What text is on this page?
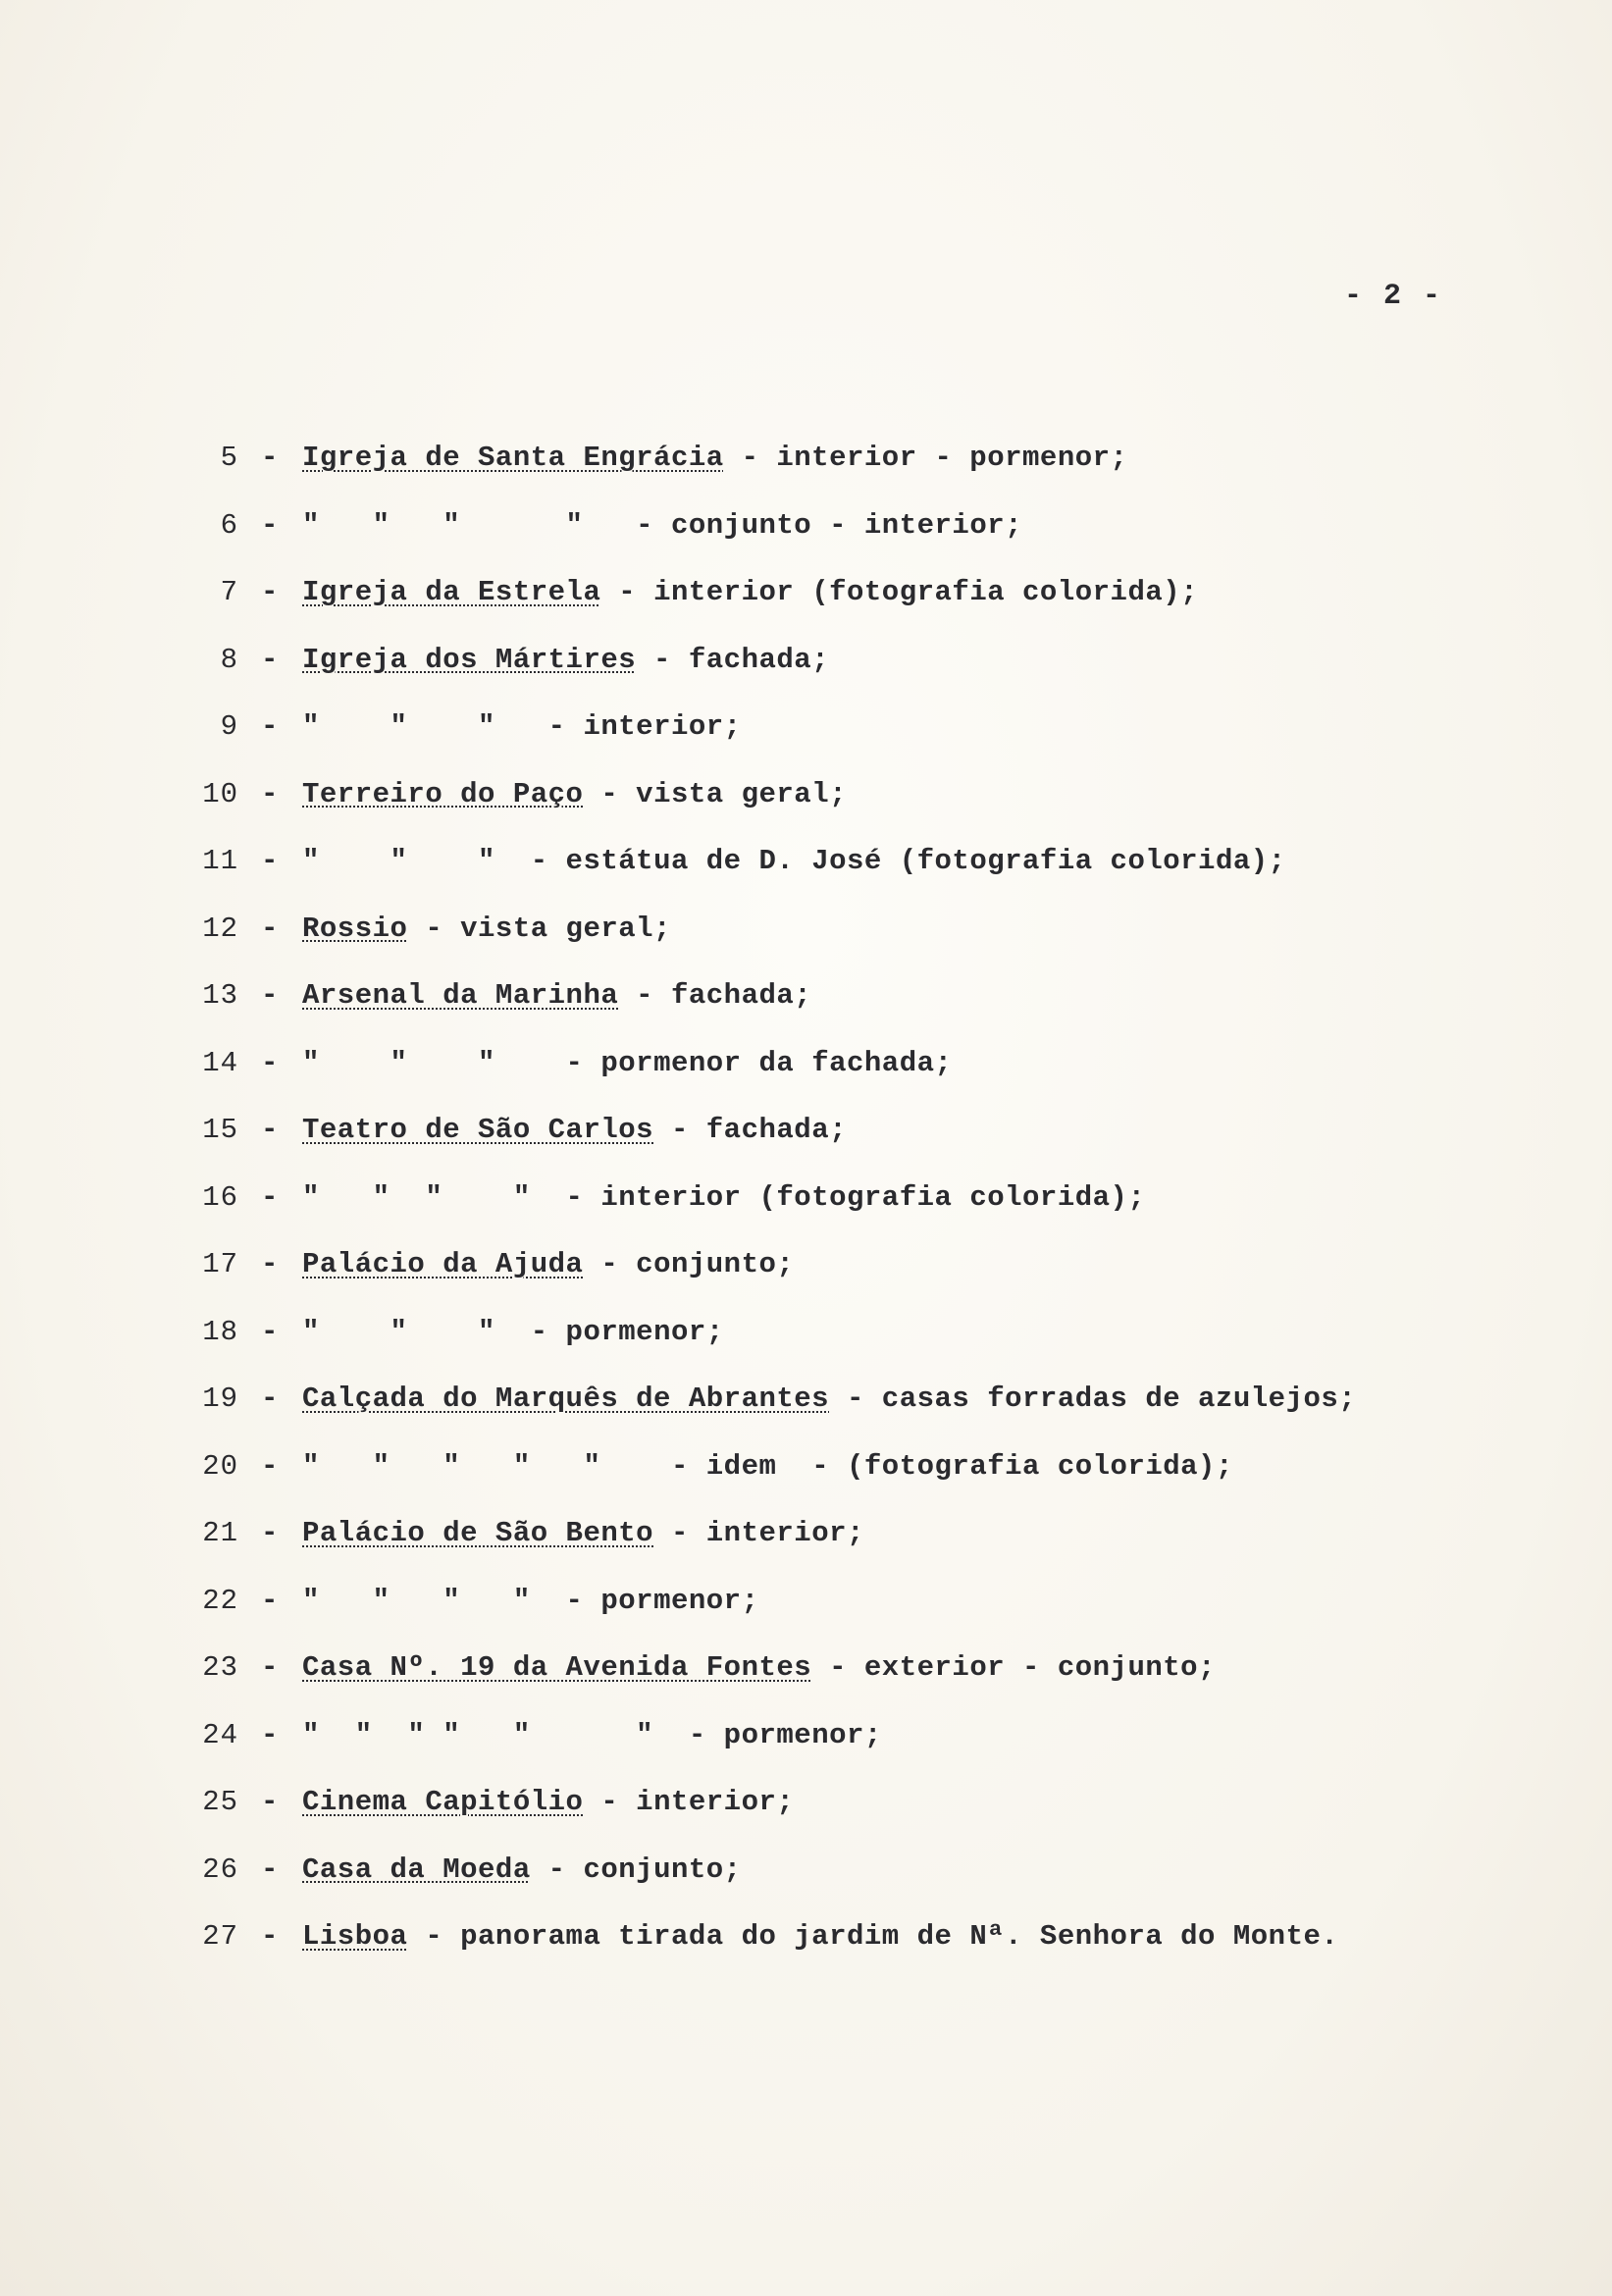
- 2 -
5 - Igreja de Santa Engrácia - interior - pormenor;
6 - "   "   "      "   - conjunto - interior;
7 - Igreja da Estrela - interior (fotografia colorida);
8 - Igreja dos Mártires - fachada;
9 - "    "    "   - interior;
10 - Terreiro do Paço - vista geral;
11 - "    "    "  - estátua de D. José (fotografia colorida);
12 - Rossio - vista geral;
13 - Arsenal da Marinha - fachada;
14 - "    "    "    - pormenor da fachada;
15 - Teatro de São Carlos - fachada;
16 - "   "  "    "  - interior (fotografia colorida);
17 - Palácio da Ajuda - conjunto;
18 - "    "    "  - pormenor;
19 - Calçada do Marquês de Abrantes - casas forradas de azulejos;
20 - "   "   "   "   "    - idem  - (fotografia colorida);
21 - Palácio de São Bento - interior;
22 - "   "   "   "  - pormenor;
23 - Casa Nº. 19 da Avenida Fontes - exterior - conjunto;
24 - "  "  " "   "      "  - pormenor;
25 - Cinema Capitólio - interior;
26 - Casa da Moeda - conjunto;
27 - Lisboa - panorama tirada do jardim de Nª. Senhora do Monte.
